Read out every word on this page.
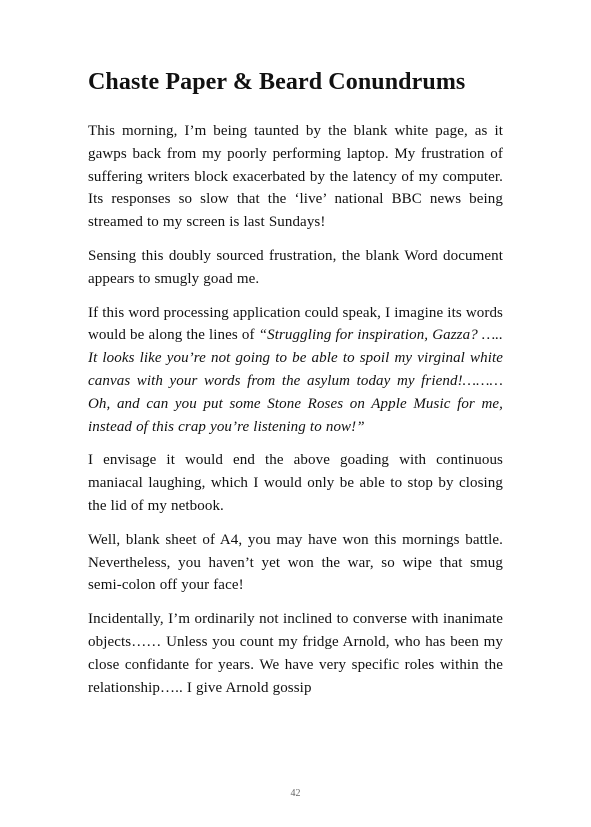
Chaste Paper & Beard Conundrums

This morning, I’m being taunted by the blank white page, as it gawps back from my poorly performing laptop. My frustration of suffering writers block exacerbated by the latency of my computer. Its responses so slow that the ‘live’ national BBC news being streamed to my screen is last Sundays!

Sensing this doubly sourced frustration, the blank Word document appears to smugly goad me.

If this word processing application could speak, I imagine its words would be along the lines of “Struggling for inspiration, Gazza? ….. It looks like you’re not going to be able to spoil my virginal white canvas with your words from the asylum today my friend!……… Oh, and can you put some Stone Roses on Apple Music for me, instead of this crap you’re listening to now!”

I envisage it would end the above goading with continuous maniacal laughing, which I would only be able to stop by closing the lid of my netbook.

Well, blank sheet of A4, you may have won this mornings battle. Nevertheless, you haven’t yet won the war, so wipe that smug semi-colon off your face!

Incidentally, I’m ordinarily not inclined to converse with inanimate objects…… Unless you count my fridge Arnold, who has been my close confidante for years. We have very specific roles within the relationship….. I give Arnold gossip

42
